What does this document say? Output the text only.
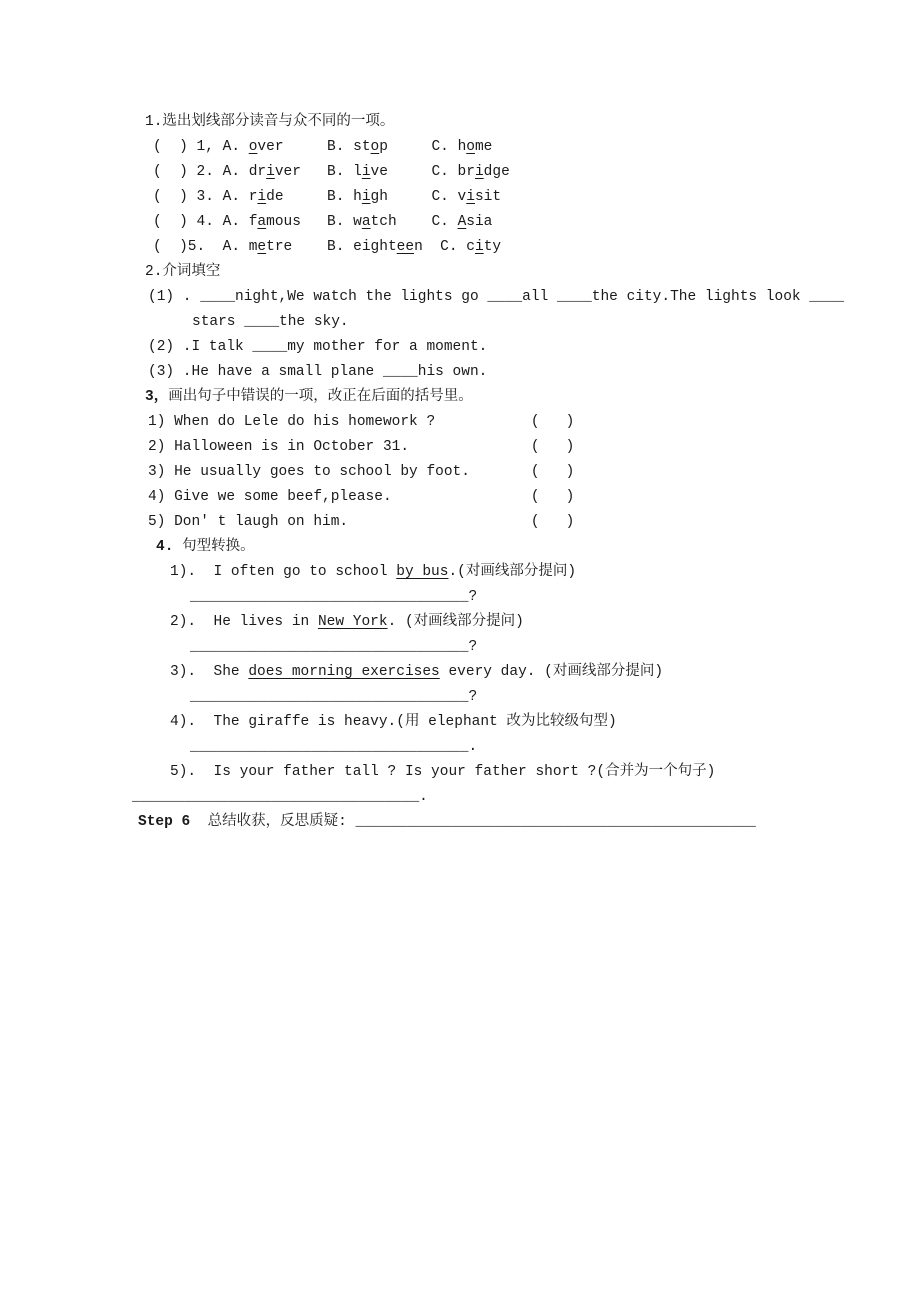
1.选出划线部分读音与众不同的一项。
(  ) 1, A. over     B. stop     C. home
(  ) 2. A. driver   B. live     C. bridge
(  ) 3. A. ride     B. high     C. visit
(  ) 4. A. famous   B. watch    C. Asia
(  )5.  A. metre    B. eighteen  C. city
2.介词填空
(1) . ____night,We watch the lights go ____all ____the city.The lights look ____
stars ____the sky.
(2) .I talk ____my mother for a moment.
(3) .He have a small plane ____his own.
3，画出句子中错误的一项，改正在后面的括号里。
1) When do Lele do his homework ?           (   )
2) Halloween is in October 31.              (   )
3) He usually goes to school by foot.       (   )
4) Give we some beef,please.                (   )
5) Don' t laugh on him.                     (   )
4. 句型转换。
1).  I often go to school by bus.(对画线部分提问)
________________________________?
2).  He lives in New York. (对画线部分提问)
________________________________?
3).  She does morning exercises every day. (对画线部分提问)
________________________________?
4).  The giraffe is heavy.(用 elephant 改为比较级句型)
________________________________.
5).  Is your father tall ? Is your father short ?(合并为一个句子)
_________________________________.
Step 6  总结收获，反思质疑: ______________________________________________
